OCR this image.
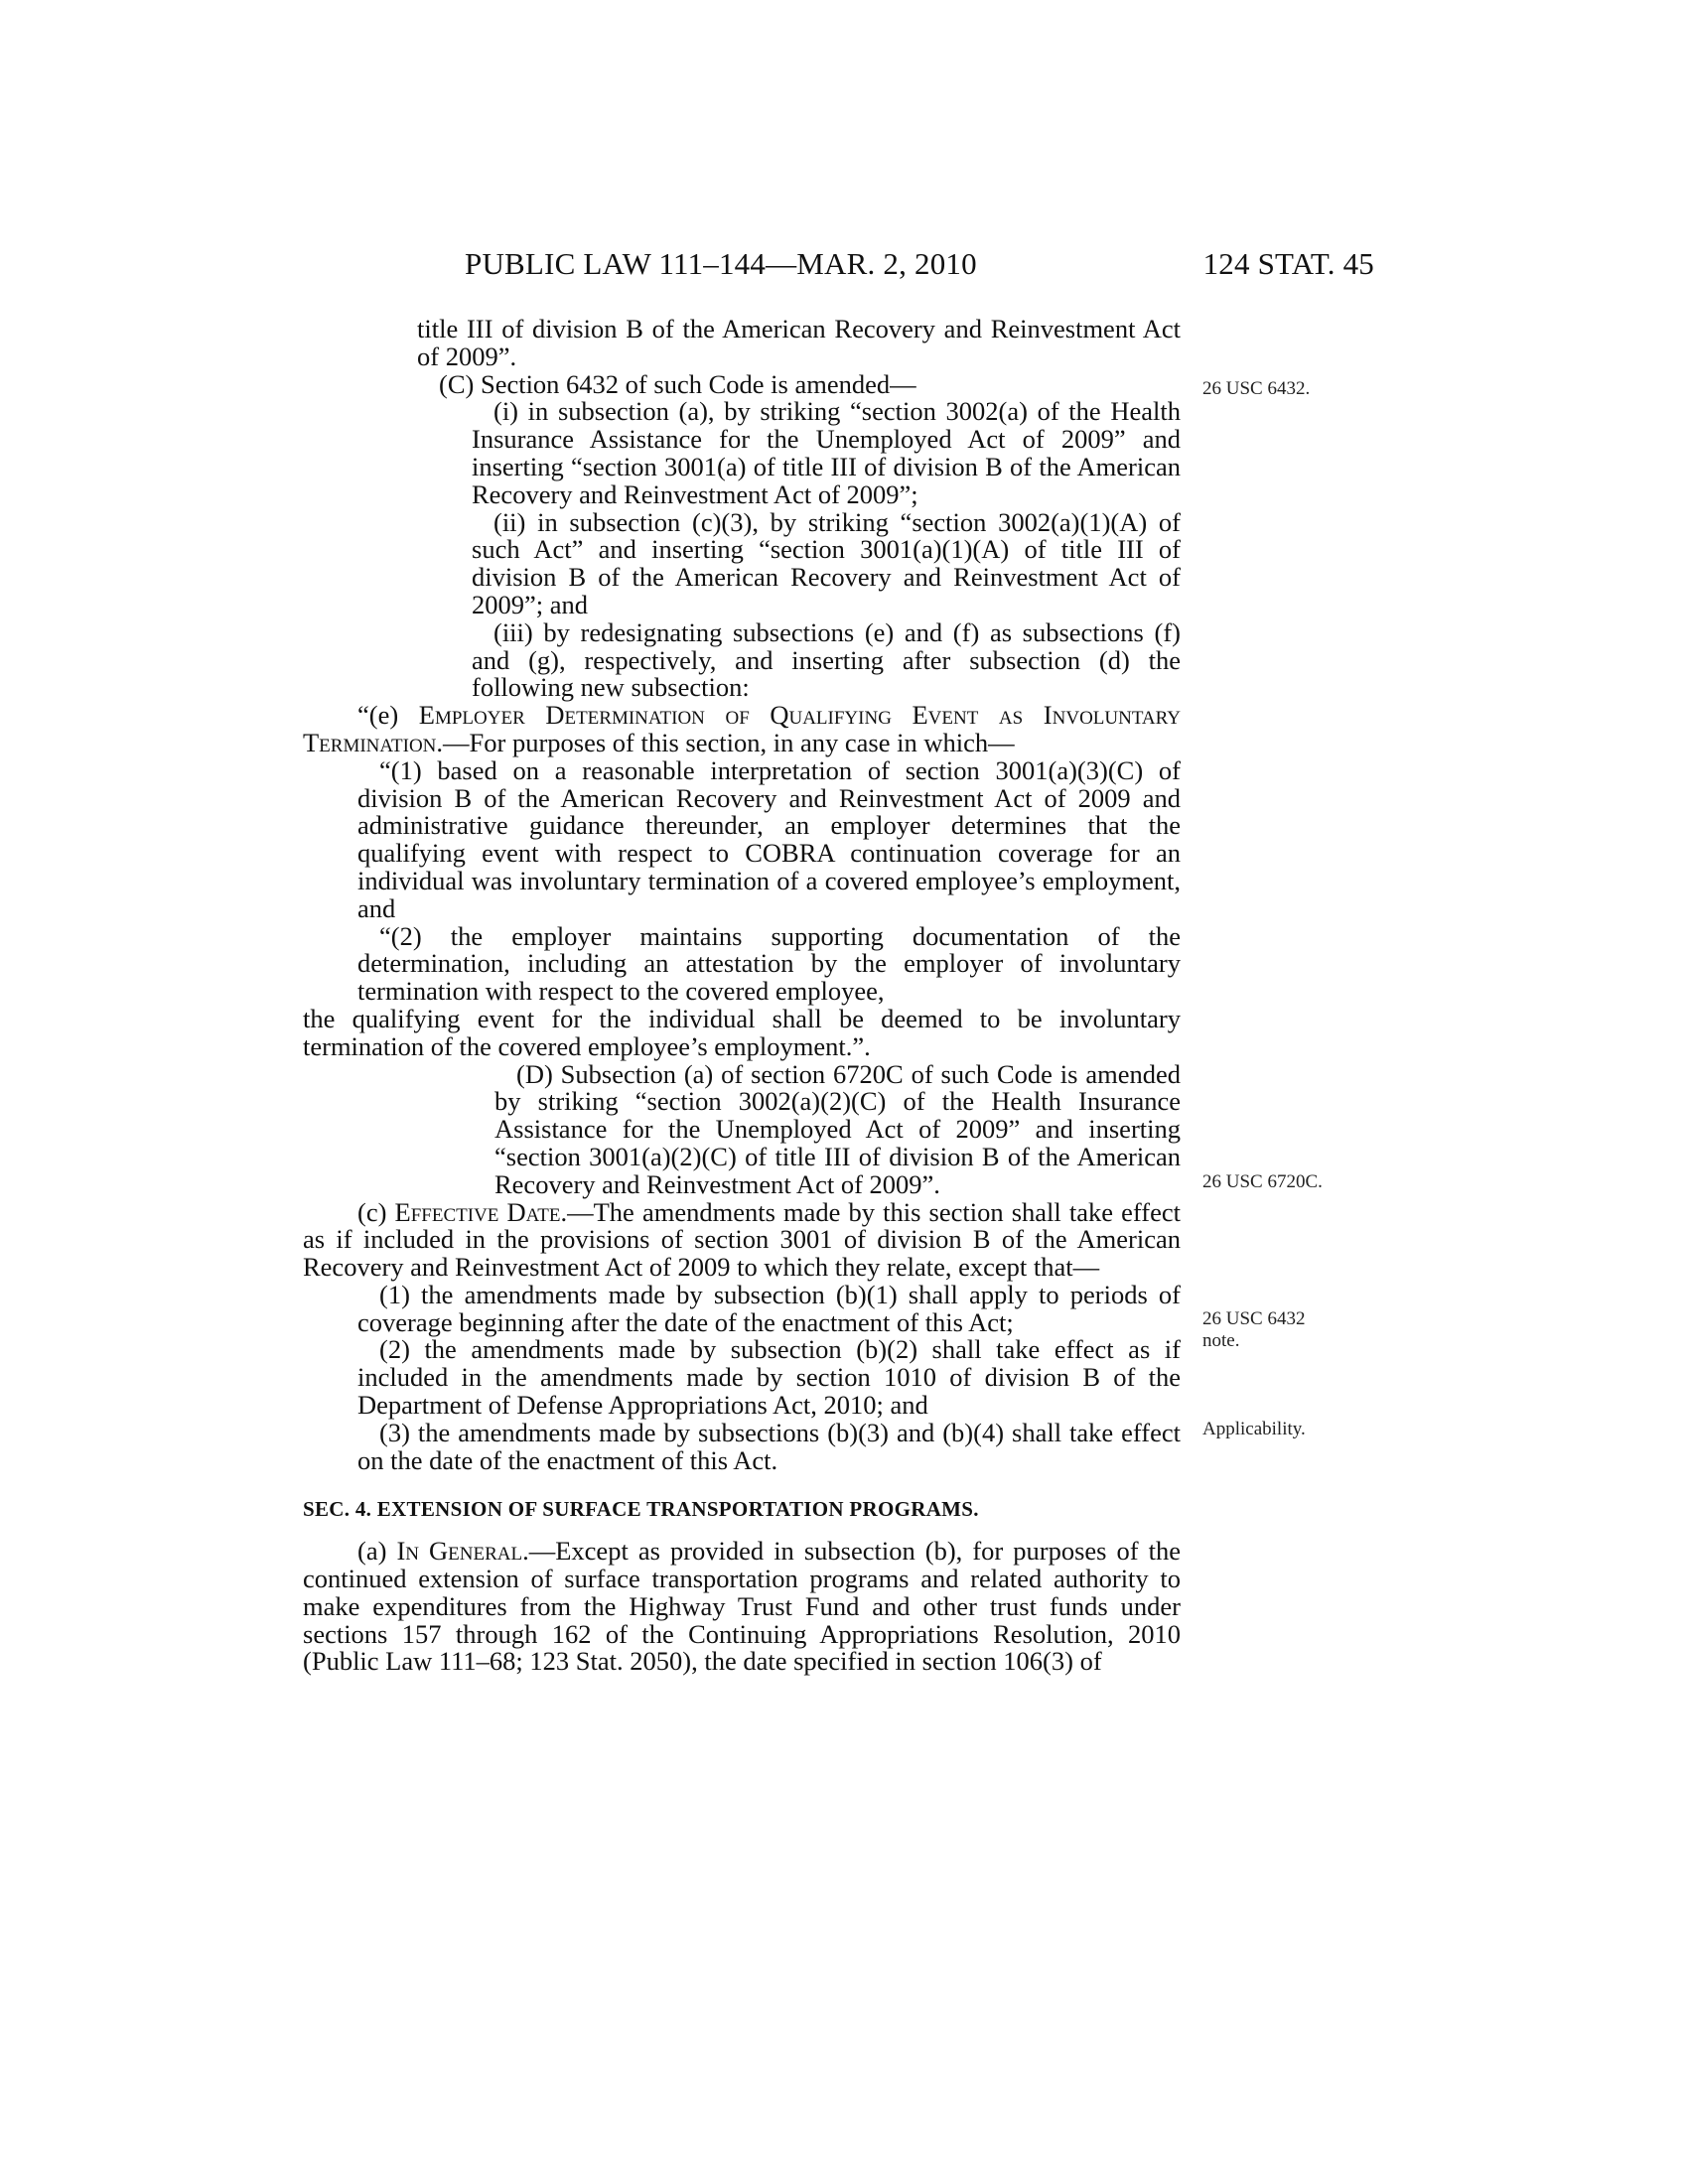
PUBLIC LAW 111–144—MAR. 2, 2010	124 STAT. 45

title III of division B of the American Recovery and Reinvestment Act of 2009”.

(C) Section 6432 of such Code is amended—

(i) in subsection (a), by striking “section 3002(a) of the Health Insurance Assistance for the Unemployed Act of 2009” and inserting “section 3001(a) of title III of division B of the American Recovery and Reinvestment Act of 2009”;

(ii) in subsection (c)(3), by striking “section 3002(a)(1)(A) of such Act” and inserting “section 3001(a)(1)(A) of title III of division B of the American Recovery and Reinvestment Act of 2009”; and

(iii) by redesignating subsections (e) and (f) as subsections (f) and (g), respectively, and inserting after subsection (d) the following new subsection:

“(e) Employer Determination of Qualifying Event as Involuntary Termination.—For purposes of this section, in any case in which—

“(1) based on a reasonable interpretation of section 3001(a)(3)(C) of division B of the American Recovery and Reinvestment Act of 2009 and administrative guidance thereunder, an employer determines that the qualifying event with respect to COBRA continuation coverage for an individual was involuntary termination of a covered employee’s employment, and

“(2) the employer maintains supporting documentation of the determination, including an attestation by the employer of involuntary termination with respect to the covered employee,

the qualifying event for the individual shall be deemed to be involuntary termination of the covered employee’s employment.”.

(D) Subsection (a) of section 6720C of such Code is amended by striking “section 3002(a)(2)(C) of the Health Insurance Assistance for the Unemployed Act of 2009” and inserting “section 3001(a)(2)(C) of title III of division B of the American Recovery and Reinvestment Act of 2009”.

(c) Effective Date.—The amendments made by this section shall take effect as if included in the provisions of section 3001 of division B of the American Recovery and Reinvestment Act of 2009 to which they relate, except that—

(1) the amendments made by subsection (b)(1) shall apply to periods of coverage beginning after the date of the enactment of this Act;

(2) the amendments made by subsection (b)(2) shall take effect as if included in the amendments made by section 1010 of division B of the Department of Defense Appropriations Act, 2010; and

(3) the amendments made by subsections (b)(3) and (b)(4) shall take effect on the date of the enactment of this Act.

SEC. 4. EXTENSION OF SURFACE TRANSPORTATION PROGRAMS.

(a) In General.—Except as provided in subsection (b), for purposes of the continued extension of surface transportation programs and related authority to make expenditures from the Highway Trust Fund and other trust funds under sections 157 through 162 of the Continuing Appropriations Resolution, 2010 (Public Law 111–68; 123 Stat. 2050), the date specified in section 106(3) of

26 USC 6432.
26 USC 6720C.
26 USC 6432 note.
Applicability.
